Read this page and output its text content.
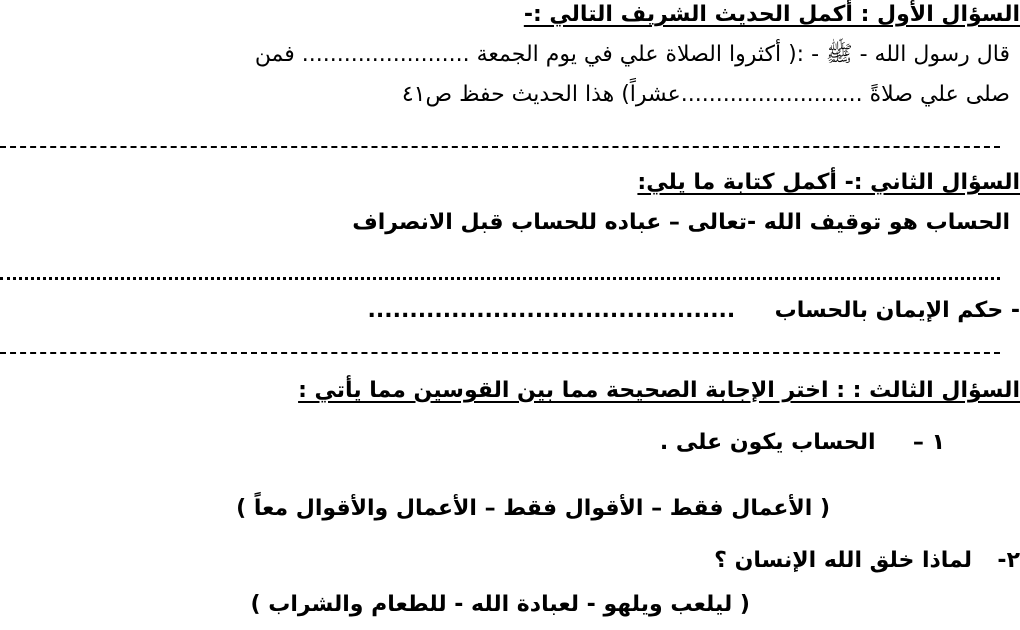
السؤال الأول : أكمل الحديث الشريف التالي :-
قال رسول الله - ﷺ - :( أكثروا الصلاة علي في يوم الجمعة ........................ فمن
صلى علي صلاةً ..........................عشراً) هذا الحديث حفظ ص٤١
السؤال الثاني :- أكمل كتابة ما يلي:
الحساب هو توقيف الله -تعالى – عباده للحساب قبل الانصراف
- حكم الإيمان بالحساب  ............................................
السؤال الثالث : : اختر الإجابة الصحيحة مما بين القوسين مما يأتي :
١ –  الحساب يكون على .
( الأعمال فقط – الأقوال فقط – الأعمال والأقوال معاً )
٢-  لماذا خلق الله الإنسان ؟
( ليلعب ويلهو - لعبادة الله - للطعام والشراب )
